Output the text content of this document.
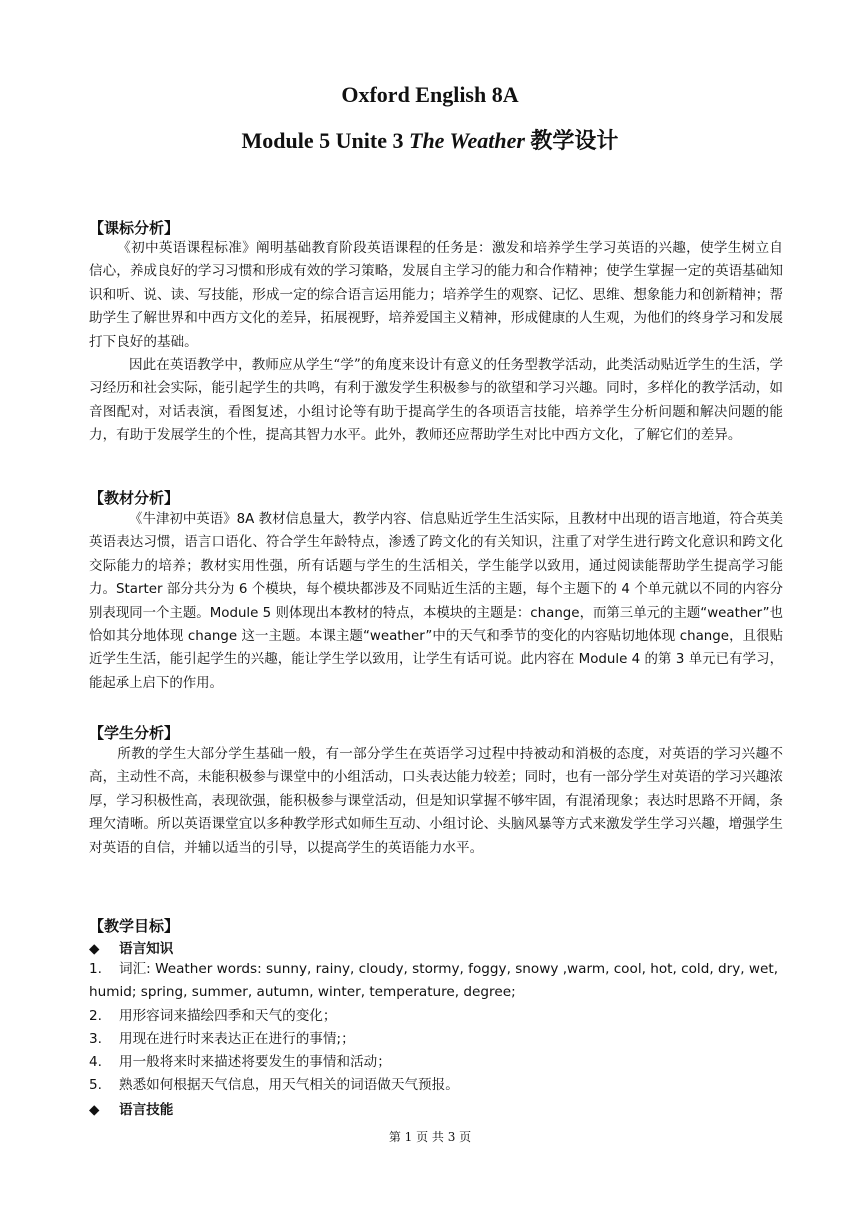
Oxford English 8A
Module 5 Unite 3 The Weather 教学设计
【课标分析】
《初中英语课程标准》阐明基础教育阶段英语课程的任务是：激发和培养学生学习英语的兴趣，使学生树立自信心，养成良好的学习习惯和形成有效的学习策略，发展自主学习的能力和合作精神；使学生掌握一定的英语基础知识和听、说、读、写技能，形成一定的综合语言运用能力；培养学生的观察、记忆、思维、想象能力和创新精神；帮助学生了解世界和中西方文化的差异，拓展视野，培养爱国主义精神，形成健康的人生观，为他们的终身学习和发展打下良好的基础。
因此在英语教学中，教师应从学生“学”的角度来设计有意义的任务型教学活动，此类活动贴近学生的生活，学习经历和社会实际，能引起学生的共鸣，有利于激发学生积极参与的欲望和学习兴趣。同时，多样化的教学活动，如音图配对，对话表演，看图复述，小组讨论等有助于提高学生的各项语言技能，培养学生分析问题和解决问题的能力，有助于发展学生的个性，提高其智力水平。此外，教师还应帮助学生对比中西方文化，了解它们的差异。
【教材分析】
《牛津初中英语》8A 教材信息量大，教学内容、信息贴近学生生活实际，且教材中出现的语言地道，符合英美英语表达习惯，语言口语化、符合学生年龄特点，渗透了跨文化的有关知识，注重了对学生进行跨文化意识和跨文化交际能力的培养；教材实用性强，所有话题与学生的生活相关，学生能学以致用，通过阅读能帮助学生提高学习能力。Starter 部分共分为 6 个模块，每个模块都涉及不同贴近生活的主题，每个主题下的 4 个单元就以不同的内容分别表现同一个主题。Module 5 则体现出本教材的特点，本模块的主题是：change，而第三单元的主题“weather”也恰如其分地体现 change 这一主题。本课主题“weather”中的天气和季节的变化的内容贴切地体现 change，且很贴近学生生活，能引起学生的兴趣，能让学生学以致用，让学生有话可说。此内容在 Module 4 的第 3 单元已有学习，能起承上启下的作用。
【学生分析】
所教的学生大部分学生基础一般，有一部分学生在英语学习过程中持被动和消极的态度，对英语的学习兴趣不高，主动性不高，未能积极参与课堂中的小组活动，口头表达能力较差；同时，也有一部分学生对英语的学习兴趣浓厚，学习积极性高，表现欲强，能积极参与课堂活动，但是知识掌握不够牢固，有混淆现象；表达时思路不开阔，条理欠清晰。所以英语课堂宜以多种教学形式如师生互动、小组讨论、头脑风暴等方式来激发学生学习兴趣，增强学生对英语的自信，并辅以适当的引导，以提高学生的英语能力水平。
【教学目标】
◆ 语言知识
1. 词汇: Weather words: sunny, rainy, cloudy, stormy, foggy, snowy ,warm, cool, hot, cold, dry, wet, humid; spring, summer, autumn, winter, temperature, degree;
2. 用形容词来描绘四季和天气的变化；
3. 用现在进行时来表达正在进行的事情;；
4. 用一般将来时来描述将要发生的事情和活动；
5. 熟悉如何根据天气信息，用天气相关的词语做天气预报。
◆ 语言技能
第 1 页 共 3 页
